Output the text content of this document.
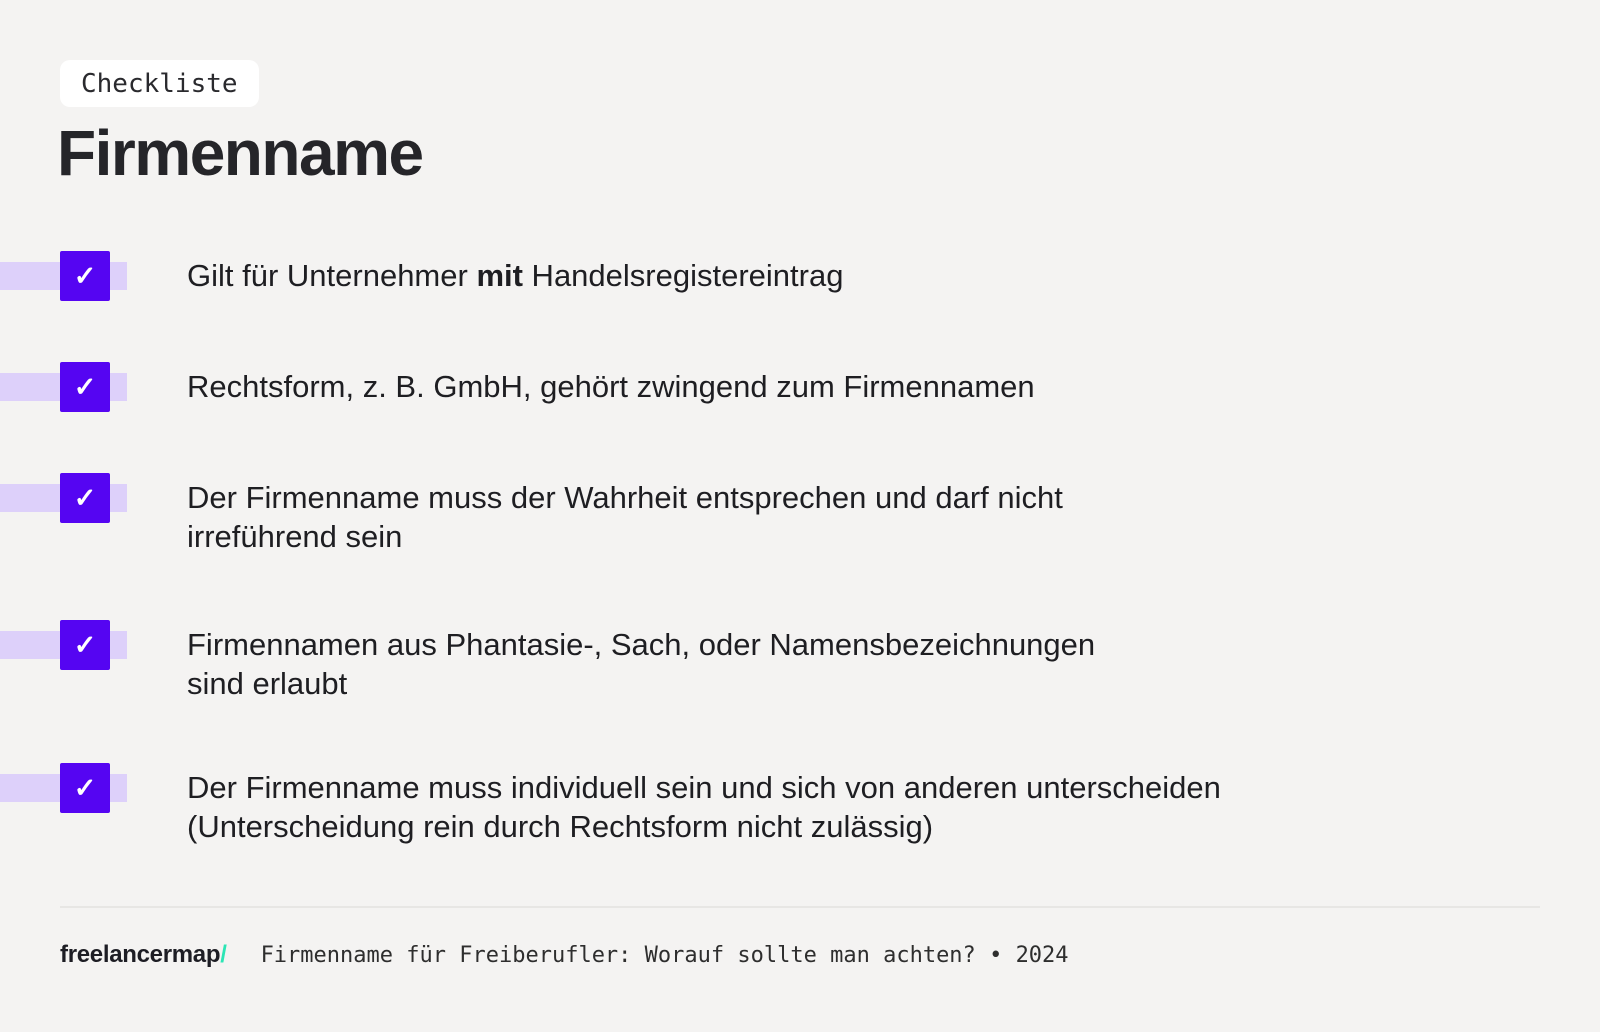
Checkliste
Firmenname
✓	Gilt für Unternehmer mit Handelsregistereintrag
✓	Rechtsform, z. B. GmbH, gehört zwingend zum Firmennamen
✓	Der Firmenname muss der Wahrheit entsprechen und darf nicht
irreführend sein
✓	Firmennamen aus Phantasie-, Sach, oder Namensbezeichnungen
sind erlaubt
✓	Der Firmenname muss individuell sein und sich von anderen unterscheiden
(Unterscheidung rein durch Rechtsform nicht zulässig)
freelancermap/ Firmenname für Freiberufler: Worauf sollte man achten? • 2024
